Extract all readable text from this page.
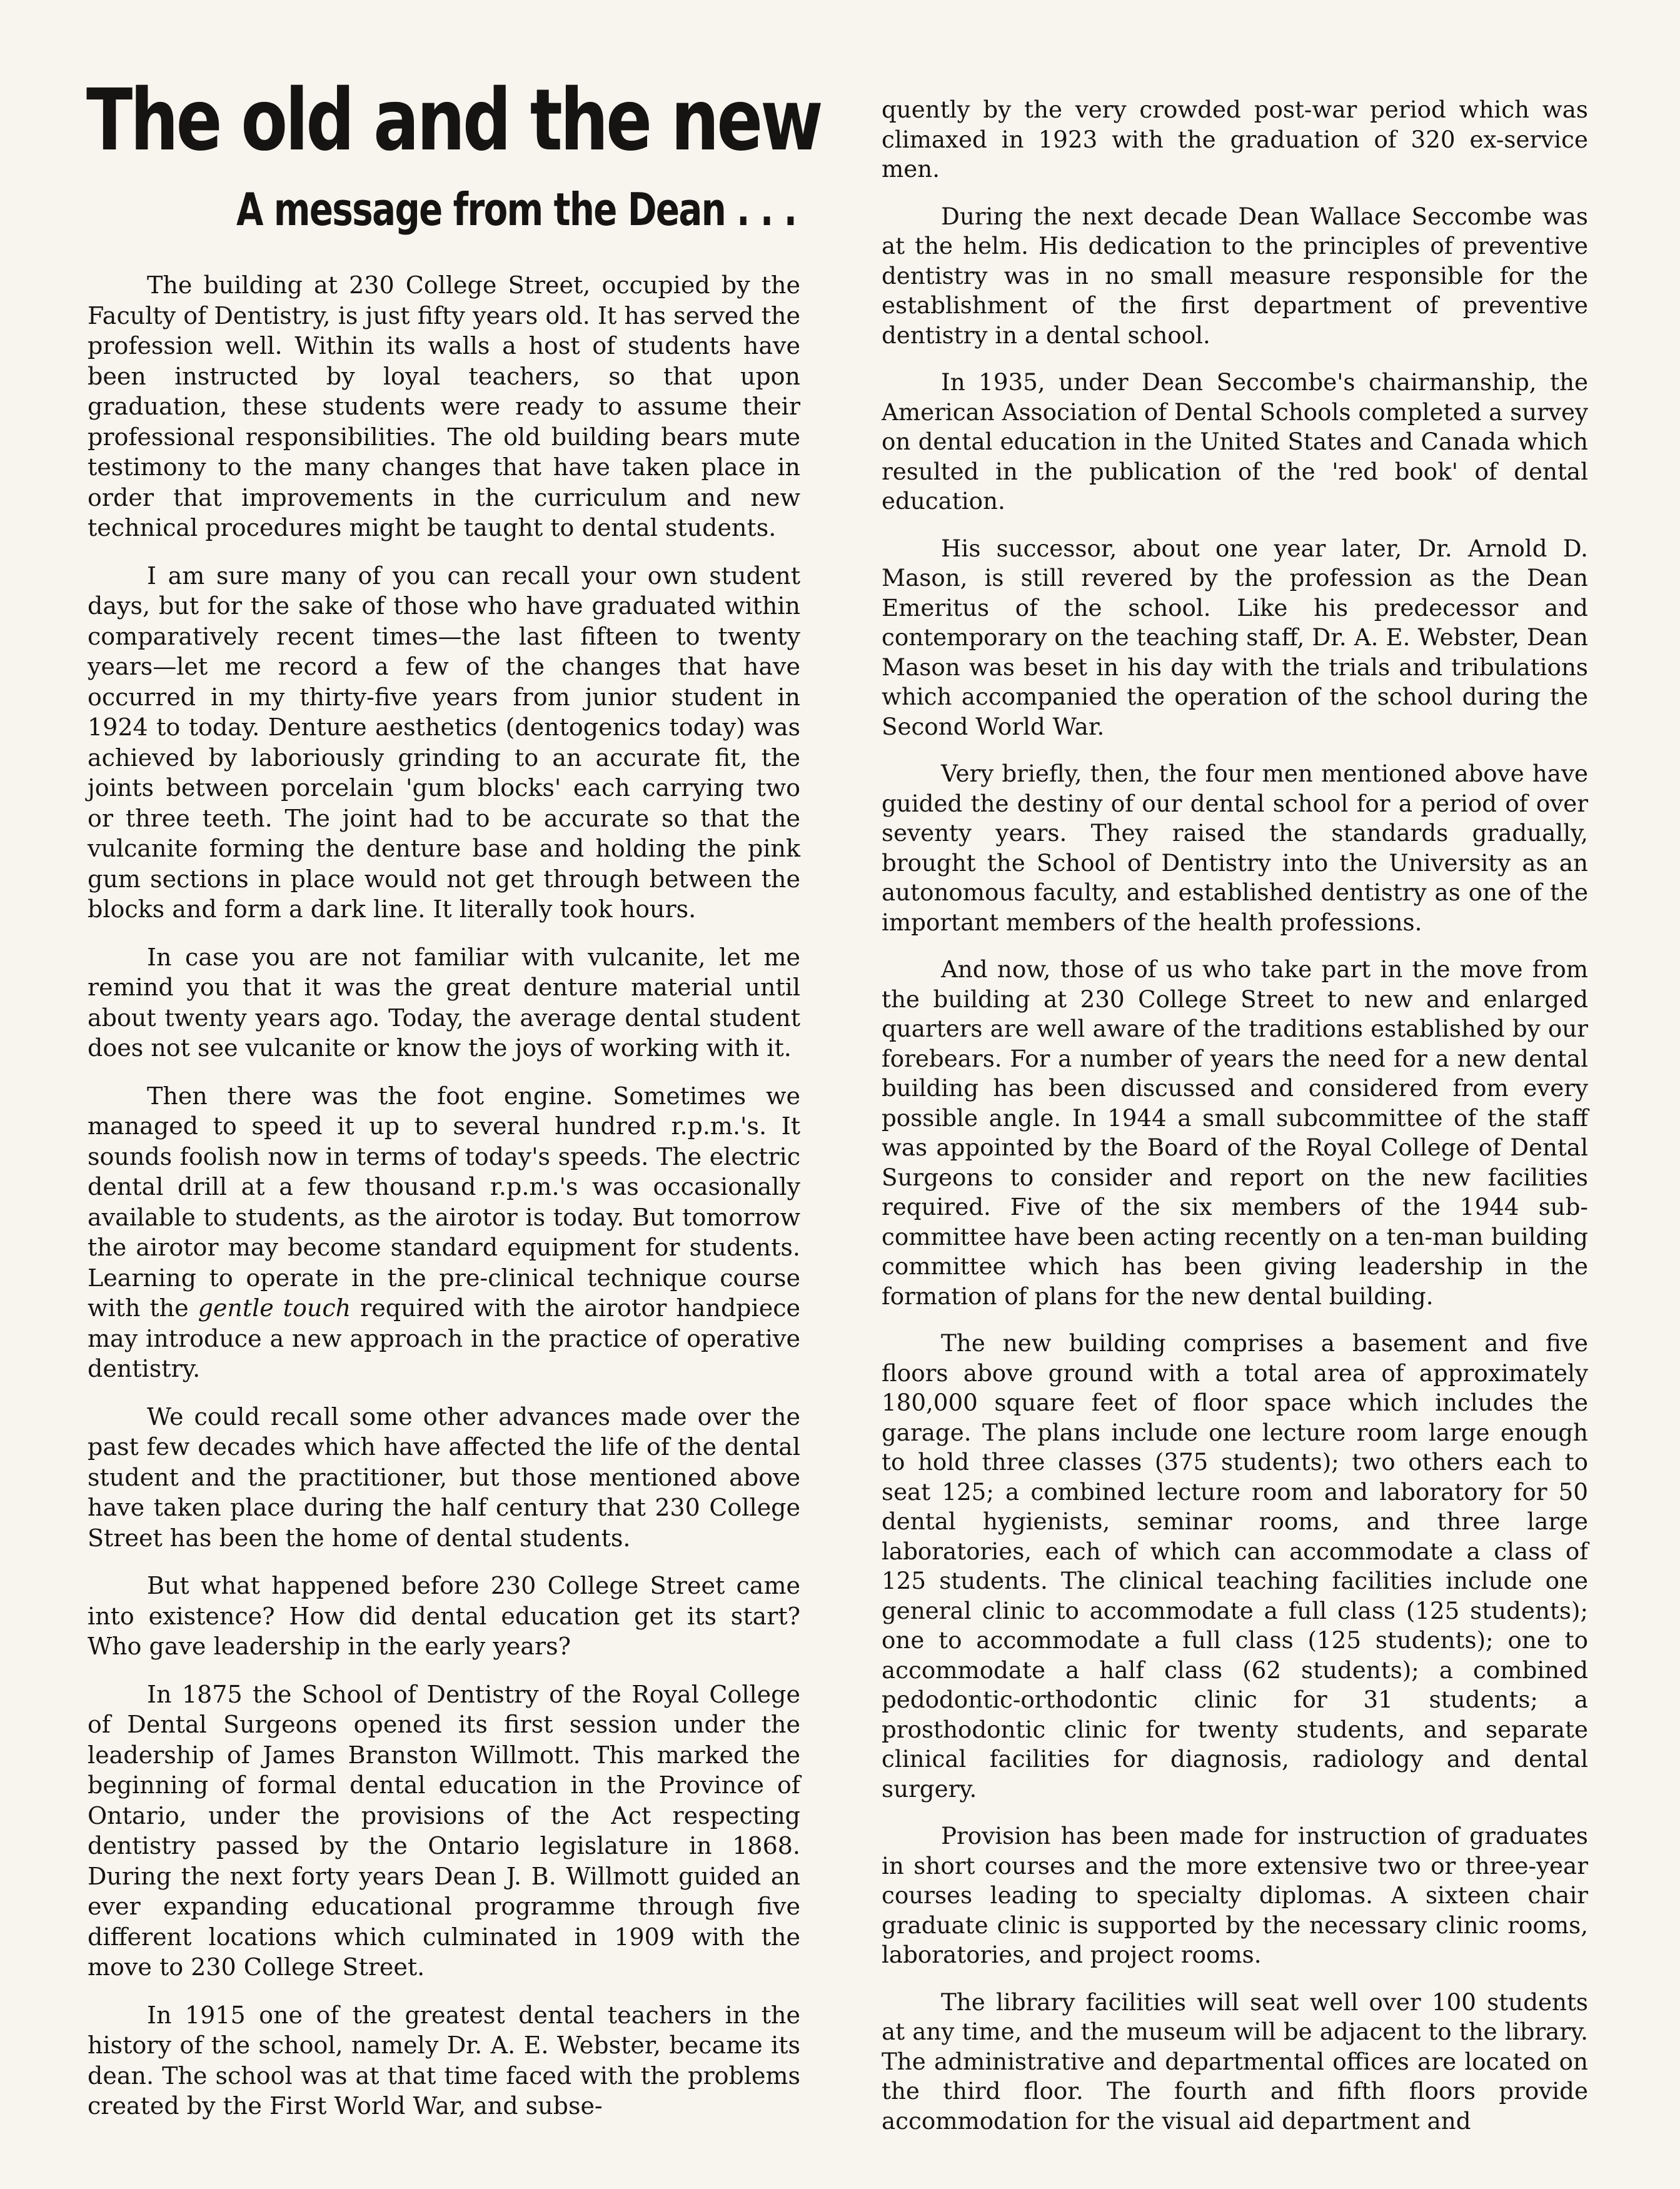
The old and the new
A message from the Dean . . .

The building at 230 College Street, occupied by the Faculty of Dentistry, is just fifty years old. It has served the profession well. Within its walls a host of students have been instructed by loyal teachers, so that upon graduation, these students were ready to assume their professional responsibilities. The old building bears mute testimony to the many changes that have taken place in order that improvements in the curriculum and new technical procedures might be taught to dental students.

I am sure many of you can recall your own student days, but for the sake of those who have graduated within comparatively recent times—the last fifteen to twenty years—let me record a few of the changes that have occurred in my thirty-five years from junior student in 1924 to today. Denture aesthetics (dentogenics today) was achieved by laboriously grinding to an accurate fit, the joints between porcelain 'gum blocks' each carrying two or three teeth. The joint had to be accurate so that the vulcanite forming the denture base and holding the pink gum sections in place would not get through between the blocks and form a dark line. It literally took hours.

In case you are not familiar with vulcanite, let me remind you that it was the great denture material until about twenty years ago. Today, the average dental student does not see vulcanite or know the joys of working with it.

Then there was the foot engine. Sometimes we managed to speed it up to several hundred r.p.m.'s. It sounds foolish now in terms of today's speeds. The electric dental drill at a few thousand r.p.m.'s was occasionally available to students, as the airotor is today. But tomorrow the airotor may become standard equipment for students. Learning to operate in the pre-clinical technique course with the gentle touch required with the airotor handpiece may introduce a new approach in the practice of operative dentistry.

We could recall some other advances made over the past few decades which have affected the life of the dental student and the practitioner, but those mentioned above have taken place during the half century that 230 College Street has been the home of dental students.

But what happened before 230 College Street came into existence? How did dental education get its start? Who gave leadership in the early years?

In 1875 the School of Dentistry of the Royal College of Dental Surgeons opened its first session under the leadership of James Branston Willmott. This marked the beginning of formal dental education in the Province of Ontario, under the provisions of the Act respecting dentistry passed by the Ontario legislature in 1868. During the next forty years Dean J. B. Willmott guided an ever expanding educational programme through five different locations which culminated in 1909 with the move to 230 College Street.

In 1915 one of the greatest dental teachers in the history of the school, namely Dr. A. E. Webster, became its dean. The school was at that time faced with the problems created by the First World War, and subse-

quently by the very crowded post-war period which was climaxed in 1923 with the graduation of 320 ex-service men.

During the next decade Dean Wallace Seccombe was at the helm. His dedication to the principles of preventive dentistry was in no small measure responsible for the establishment of the first department of preventive dentistry in a dental school.

In 1935, under Dean Seccombe's chairmanship, the American Association of Dental Schools completed a survey on dental education in the United States and Canada which resulted in the publication of the 'red book' of dental education.

His successor, about one year later, Dr. Arnold D. Mason, is still revered by the profession as the Dean Emeritus of the school. Like his predecessor and contemporary on the teaching staff, Dr. A. E. Webster, Dean Mason was beset in his day with the trials and tribulations which accompanied the operation of the school during the Second World War.

Very briefly, then, the four men mentioned above have guided the destiny of our dental school for a period of over seventy years. They raised the standards gradually, brought the School of Dentistry into the University as an autonomous faculty, and established dentistry as one of the important members of the health professions.

And now, those of us who take part in the move from the building at 230 College Street to new and enlarged quarters are well aware of the traditions established by our forebears. For a number of years the need for a new dental building has been discussed and considered from every possible angle. In 1944 a small subcommittee of the staff was appointed by the Board of the Royal College of Dental Surgeons to consider and report on the new facilities required. Five of the six members of the 1944 sub-committee have been acting recently on a ten-man building committee which has been giving leadership in the formation of plans for the new dental building.

The new building comprises a basement and five floors above ground with a total area of approximately 180,000 square feet of floor space which includes the garage. The plans include one lecture room large enough to hold three classes (375 students); two others each to seat 125; a combined lecture room and laboratory for 50 dental hygienists, seminar rooms, and three large laboratories, each of which can accommodate a class of 125 students. The clinical teaching facilities include one general clinic to accommodate a full class (125 students); one to accommodate a full class (125 students); one to accommodate a half class (62 students); a combined pedodontic-orthodontic clinic for 31 students; a prosthodontic clinic for twenty students, and separate clinical facilities for diagnosis, radiology and dental surgery.

Provision has been made for instruction of graduates in short courses and the more extensive two or three-year courses leading to specialty diplomas. A sixteen chair graduate clinic is supported by the necessary clinic rooms, laboratories, and project rooms.

The library facilities will seat well over 100 students at any time, and the museum will be adjacent to the library. The administrative and departmental offices are located on the third floor. The fourth and fifth floors provide accommodation for the visual aid department and
